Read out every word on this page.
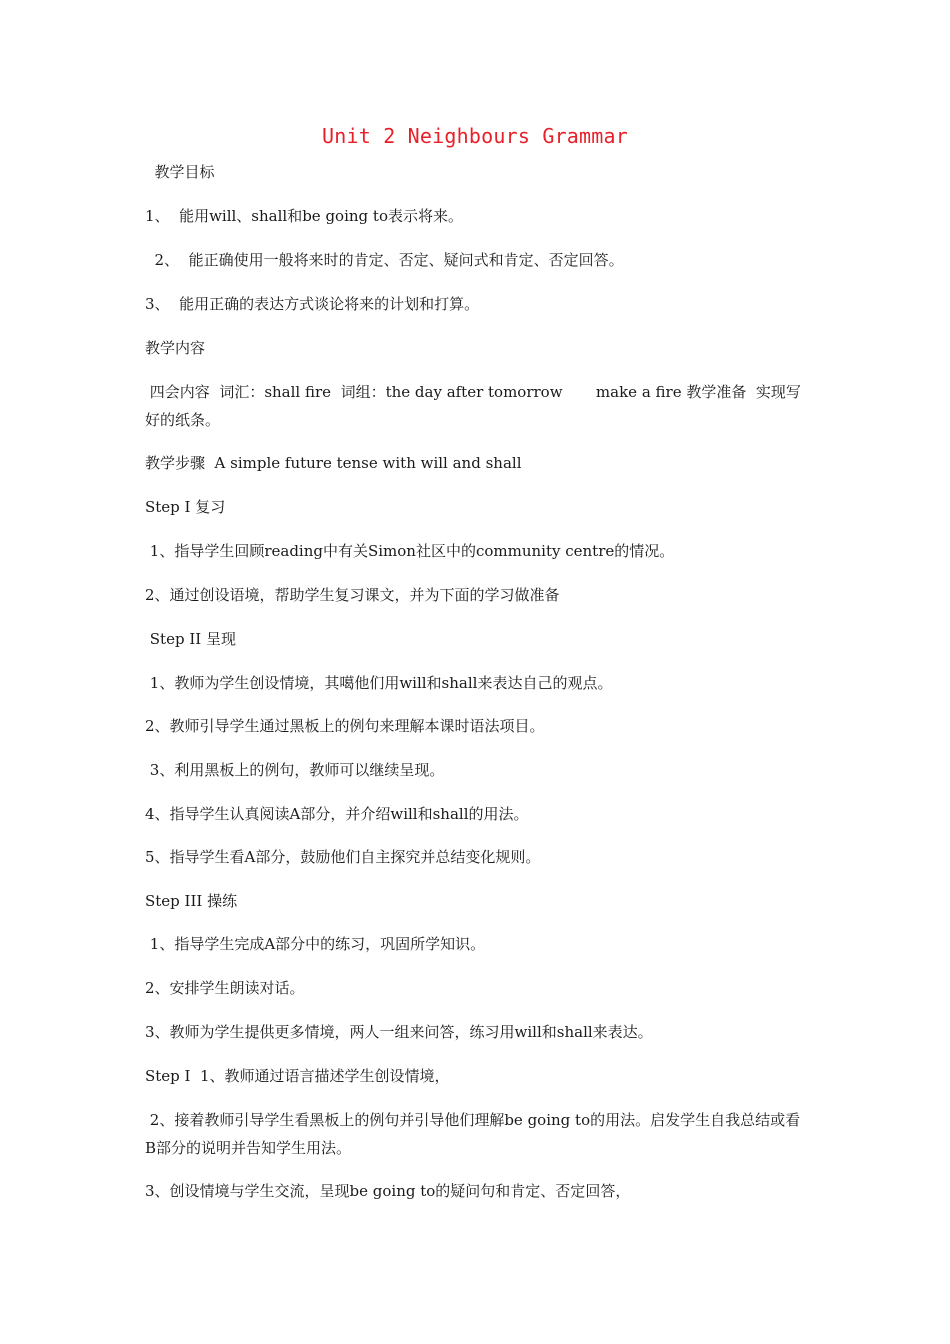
Unit 2 Neighbours Grammar
教学目标
1、  能用will、shall和be going to表示将来。
2、  能正确使用一般将来时的肯定、否定、疑问式和肯定、否定回答。
3、  能用正确的表达方式谈论将来的计划和打算。
教学内容
四会内容  词汇：shall fire  词组：the day after tomorrow       make a fire 教学准备  实现写好的纸条。
教学步骤  A simple future tense with will and shall
Step I 复习
1、指导学生回顾reading中有关Simon社区中的community centre的情况。
2、通过创设语境，帮助学生复习课文，并为下面的学习做准备
Step II 呈现
1、教师为学生创设情境，其噶他们用will和shall来表达自己的观点。
2、教师引导学生通过黑板上的例句来理解本课时语法项目。
3、利用黑板上的例句，教师可以继续呈现。
4、指导学生认真阅读A部分，并介绍will和shall的用法。
5、指导学生看A部分，鼓励他们自主探究并总结变化规则。
Step III 操练
1、指导学生完成A部分中的练习，巩固所学知识。
2、安排学生朗读对话。
3、教师为学生提供更多情境，两人一组来问答，练习用will和shall来表达。
Step I  1、教师通过语言描述学生创设情境，
2、接着教师引导学生看黑板上的例句并引导他们理解be going to的用法。启发学生自我总结或看B部分的说明并告知学生用法。
3、创设情境与学生交流，呈现be going to的疑问句和肯定、否定回答，
